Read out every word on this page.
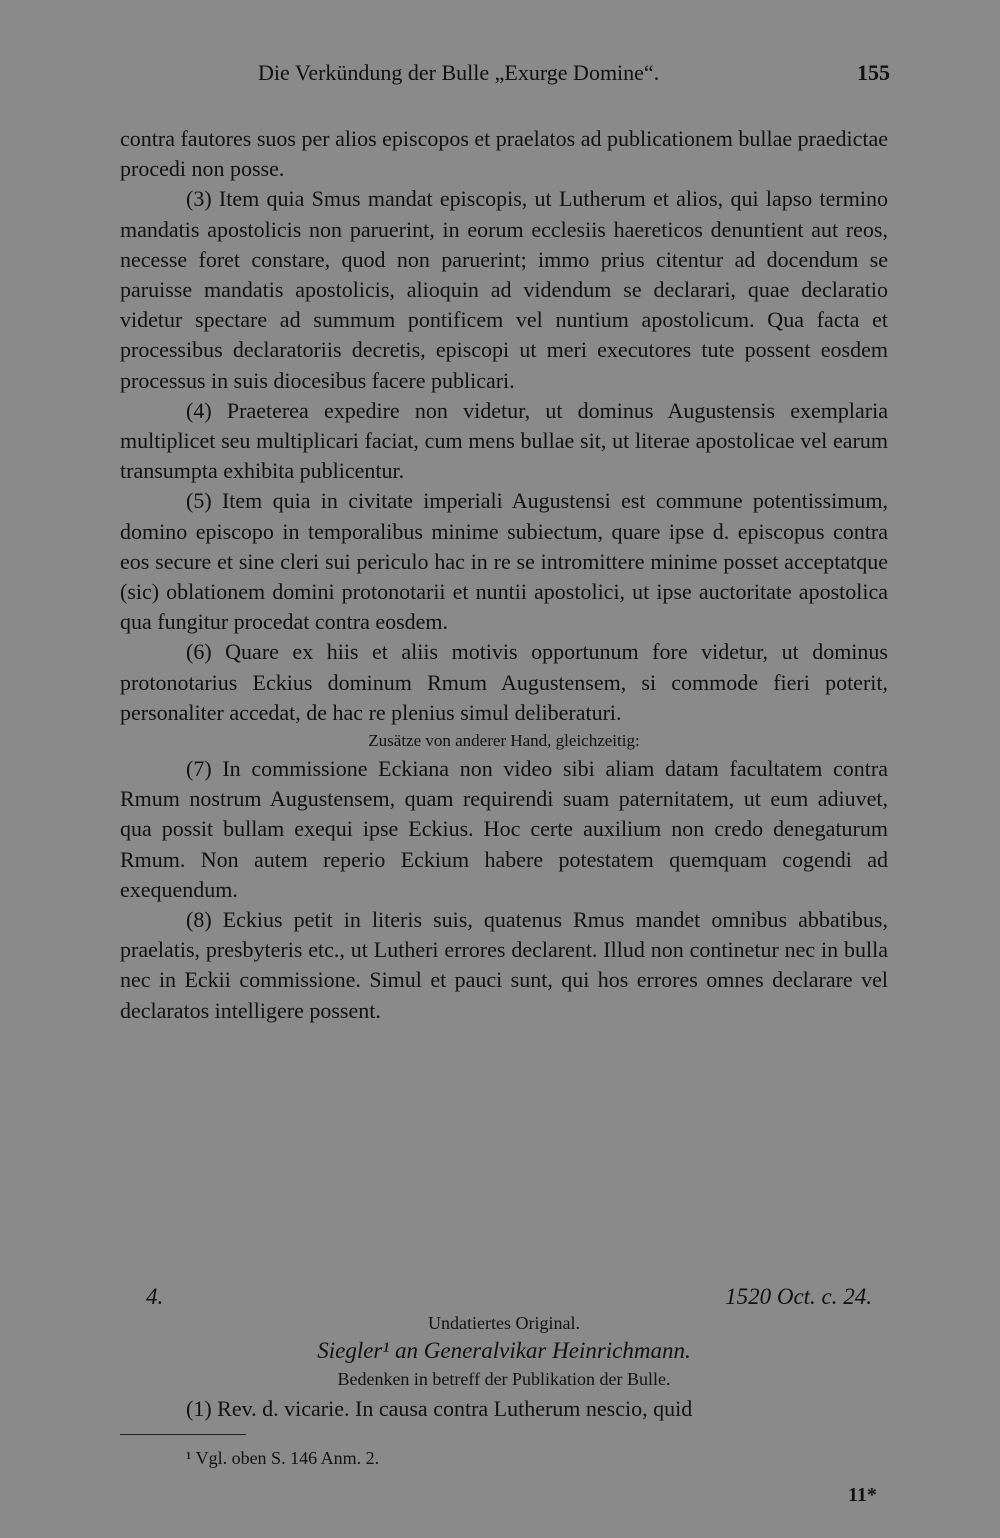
Die Verkündung der Bulle „Exurge Domine“.	155

contra fautores suos per alios episcopos et praelatos ad publicationem bullae praedictae procedi non posse.

(3) Item quia Smus mandat episcopis, ut Lutherum et alios, qui lapso termino mandatis apostolicis non paruerint, in eorum ecclesiis haereticos denuntient aut reos, necesse foret constare, quod non paruerint; immo prius citentur ad docendum se paruisse mandatis apostolicis, alioquin ad videndum se declarari, quae declaratio videtur spectare ad summum pontificem vel nuntium apostolicum. Qua facta et processibus declaratoriis decretis, episcopi ut meri executores tute possent eosdem processus in suis diocesibus facere publicari.

(4) Praeterea expedire non videtur, ut dominus Augustensis exemplaria multiplicet seu multiplicari faciat, cum mens bullae sit, ut literae apostolicae vel earum transumpta exhibita publicentur.

(5) Item quia in civitate imperiali Augustensi est commune potentissimum, domino episcopo in temporalibus minime subiectum, quare ipse d. episcopus contra eos secure et sine cleri sui periculo hac in re se intromittere minime posset acceptatque (sic) oblationem domini protonotarii et nuntii apostolici, ut ipse auctoritate apostolica qua fungitur procedat contra eosdem.

(6) Quare ex hiis et aliis motivis opportunum fore videtur, ut dominus protonotarius Eckius dominum Rmum Augustensem, si commode fieri poterit, personaliter accedat, de hac re plenius simul deliberaturi.

Zusätze von anderer Hand, gleichzeitig:

(7) In commissione Eckiana non video sibi aliam datam facultatem contra Rmum nostrum Augustensem, quam requirendi suam paternitatem, ut eum adiuvet, qua possit bullam exequi ipse Eckius. Hoc certe auxilium non credo denegaturum Rmum. Non autem reperio Eckium habere potestatem quemquam cogendi ad exequendum.

(8) Eckius petit in literis suis, quatenus Rmus mandet omnibus abbatibus, praelatis, presbyteris etc., ut Lutheri errores declarent. Illud non continetur nec in bulla nec in Eckii commissione. Simul et pauci sunt, qui hos errores omnes declarare vel declaratos intelligere possent.

4.	1520 Oct. c. 24.
Undatiertes Original.
Siegler¹ an Generalvikar Heinrichmann.
Bedenken in betreff der Publikation der Bulle.
(1) Rev. d. vicarie. In causa contra Lutherum nescio, quid
¹ Vgl. oben S. 146 Anm. 2.
11*
